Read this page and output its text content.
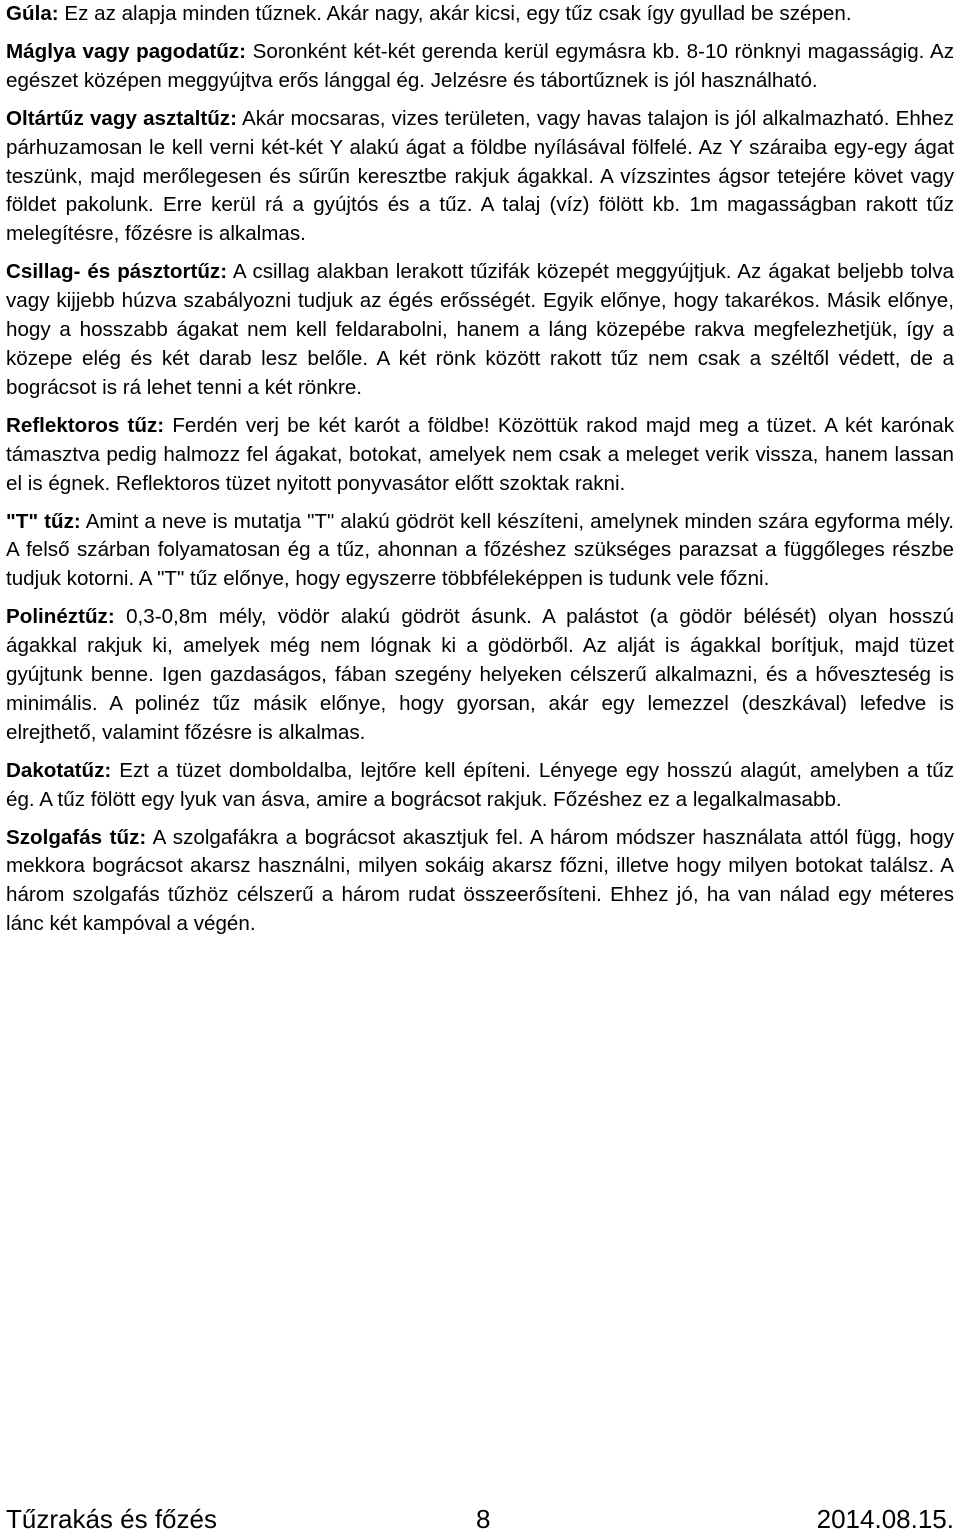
Gúla: Ez az alapja minden tűznek. Akár nagy, akár kicsi, egy tűz csak így gyullad be szépen.

Máglya vagy pagodatűz: Soronként két-két gerenda kerül egymásra kb. 8-10 rönknyi magasságig. Az egészet középen meggyújtva erős lánggal ég. Jelzésre és tábortűznek is jól használható.

Oltártűz vagy asztaltűz: Akár mocsaras, vizes területen, vagy havas talajon is jól alkalmazható. Ehhez párhuzamosan le kell verni két-két Y alakú ágat a földbe nyílásával fölfelé. Az Y száraiba egy-egy ágat teszünk, majd merőlegesen és sűrűn keresztbe rakjuk ágakkal. A vízszintes ágsor tetejére követ vagy földet pakolunk. Erre kerül rá a gyújtós és a tűz. A talaj (víz) fölött kb. 1m magasságban rakott tűz melegítésre, főzésre is alkalmas.

Csillag- és pásztortűz: A csillag alakban lerakott tűzifák közepét meggyújtjuk. Az ágakat beljebb tolva vagy kijjebb húzva szabályozni tudjuk az égés erősségét. Egyik előnye, hogy takarékos. Másik előnye, hogy a hosszabb ágakat nem kell feldarabolni, hanem a láng közepébe rakva megfelezhetjük, így a közepe elég és két darab lesz belőle. A két rönk között rakott tűz nem csak a széltől védett, de a bográcsot is rá lehet tenni a két rönkre.

Reflektoros tűz: Ferdén verj be két karót a földbe! Közöttük rakod majd meg a tüzet. A két karónak támasztva pedig halmozz fel ágakat, botokat, amelyek nem csak a meleget verik vissza, hanem lassan el is égnek. Reflektoros tüzet nyitott ponyvasátor előtt szoktak rakni.

"T" tűz: Amint a neve is mutatja "T" alakú gödröt kell készíteni, amelynek minden szára egyforma mély. A felső szárban folyamatosan ég a tűz, ahonnan a főzéshez szükséges parazsat a függőleges részbe tudjuk kotorni. A "T" tűz előnye, hogy egyszerre többféleképpen is tudunk vele főzni.

Polinéztűz: 0,3-0,8m mély, vödör alakú gödröt ásunk. A palástot (a gödör bélését) olyan hosszú ágakkal rakjuk ki, amelyek még nem lógnak ki a gödörből. Az alját is ágakkal borítjuk, majd tüzet gyújtunk benne. Igen gazdaságos, fában szegény helyeken célszerű alkalmazni, és a hőveszteség is minimális. A polinéz tűz másik előnye, hogy gyorsan, akár egy lemezzel (deszkával) lefedve is elrejthető, valamint főzésre is alkalmas.

Dakotatűz: Ezt a tüzet domboldalba, lejtőre kell építeni. Lényege egy hosszú alagút, amelyben a tűz ég. A tűz fölött egy lyuk van ásva, amire a bográcsot rakjuk. Főzéshez ez a legalkalmasabb.

Szolgafás tűz: A szolgafákra a bográcsot akasztjuk fel. A három módszer használata attól függ, hogy mekkora bográcsot akarsz használni, milyen sokáig akarsz főzni, illetve hogy milyen botokat találsz. A három szolgafás tűzhöz célszerű a három rudat összeerősíteni. Ehhez jó, ha van nálad egy méteres lánc két kampóval a végén.

Tűzrakás és főzés	8	2014.08.15.
